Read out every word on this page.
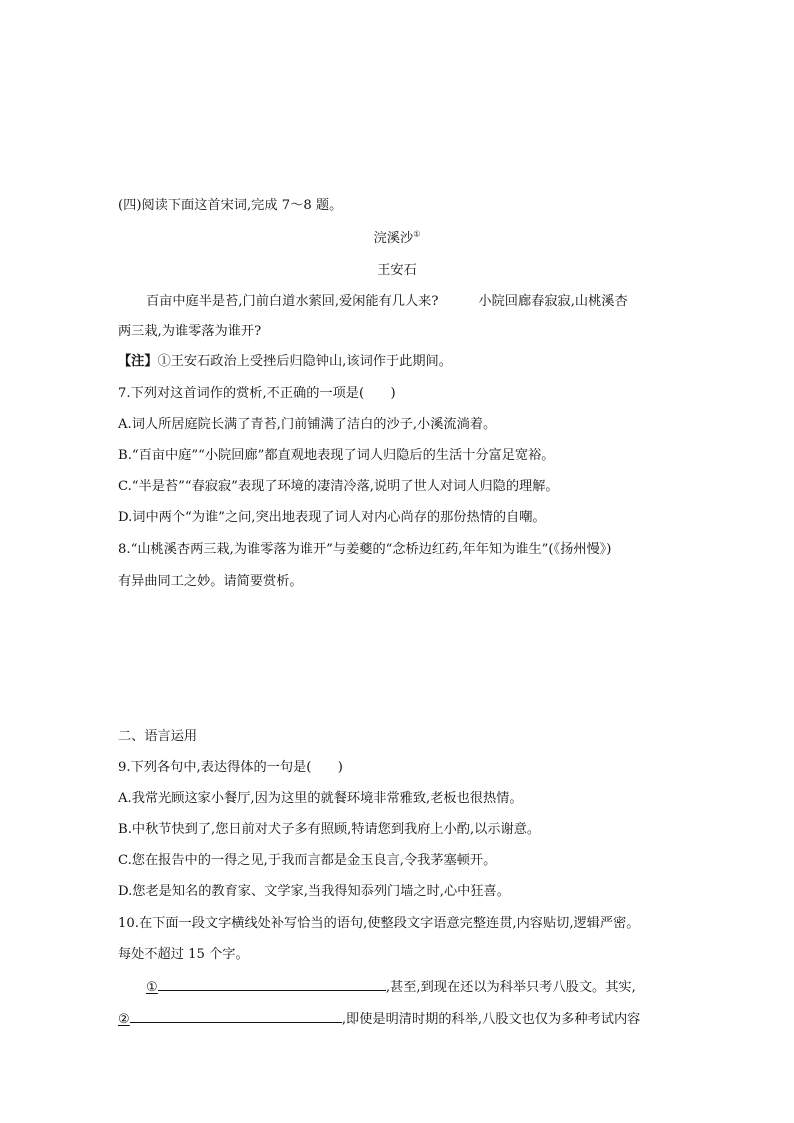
(四)阅读下面这首宋词,完成 7～8 题。
浣溪沙①
王安石
百亩中庭半是苔,门前白道水萦回,爱闲能有几人来?	小院回廊春寂寂,山桃溪杏
两三栽,为谁零落为谁开?
【注】①王安石政治上受挫后归隐钟山,该词作于此期间。
7.下列对这首词作的赏析,不正确的一项是(　　)
A.词人所居庭院长满了青苔,门前铺满了洁白的沙子,小溪流淌着。
B.“百亩中庭”“小院回廊”都直观地表现了词人归隐后的生活十分富足宽裕。
C.“半是苔”“春寂寂”表现了环境的凄清冷落,说明了世人对词人归隐的理解。
D.词中两个“为谁”之问,突出地表现了词人对内心尚存的那份热情的自嘲。
8.“山桃溪杏两三栽,为谁零落为谁开”与姜夔的“念桥边红药,年年知为谁生”(《扬州慢》)
有异曲同工之妙。请简要赏析。
二、语言运用
9.下列各句中,表达得体的一句是(　　)
A.我常光顾这家小餐厅,因为这里的就餐环境非常雅致,老板也很热情。
B.中秋节快到了,您日前对犬子多有照顾,特请您到我府上小酌,以示谢意。
C.您在报告中的一得之见,于我而言都是金玉良言,令我茅塞顿开。
D.您老是知名的教育家、文学家,当我得知忝列门墙之时,心中狂喜。
10.在下面一段文字横线处补写恰当的语句,使整段文字语意完整连贯,内容贴切,逻辑严密。
每处不超过 15 个字。
①	,甚至,到现在还以为科举只考八股文。其实,
②	,即使是明清时期的科举,八股文也仅为多种考试内容
